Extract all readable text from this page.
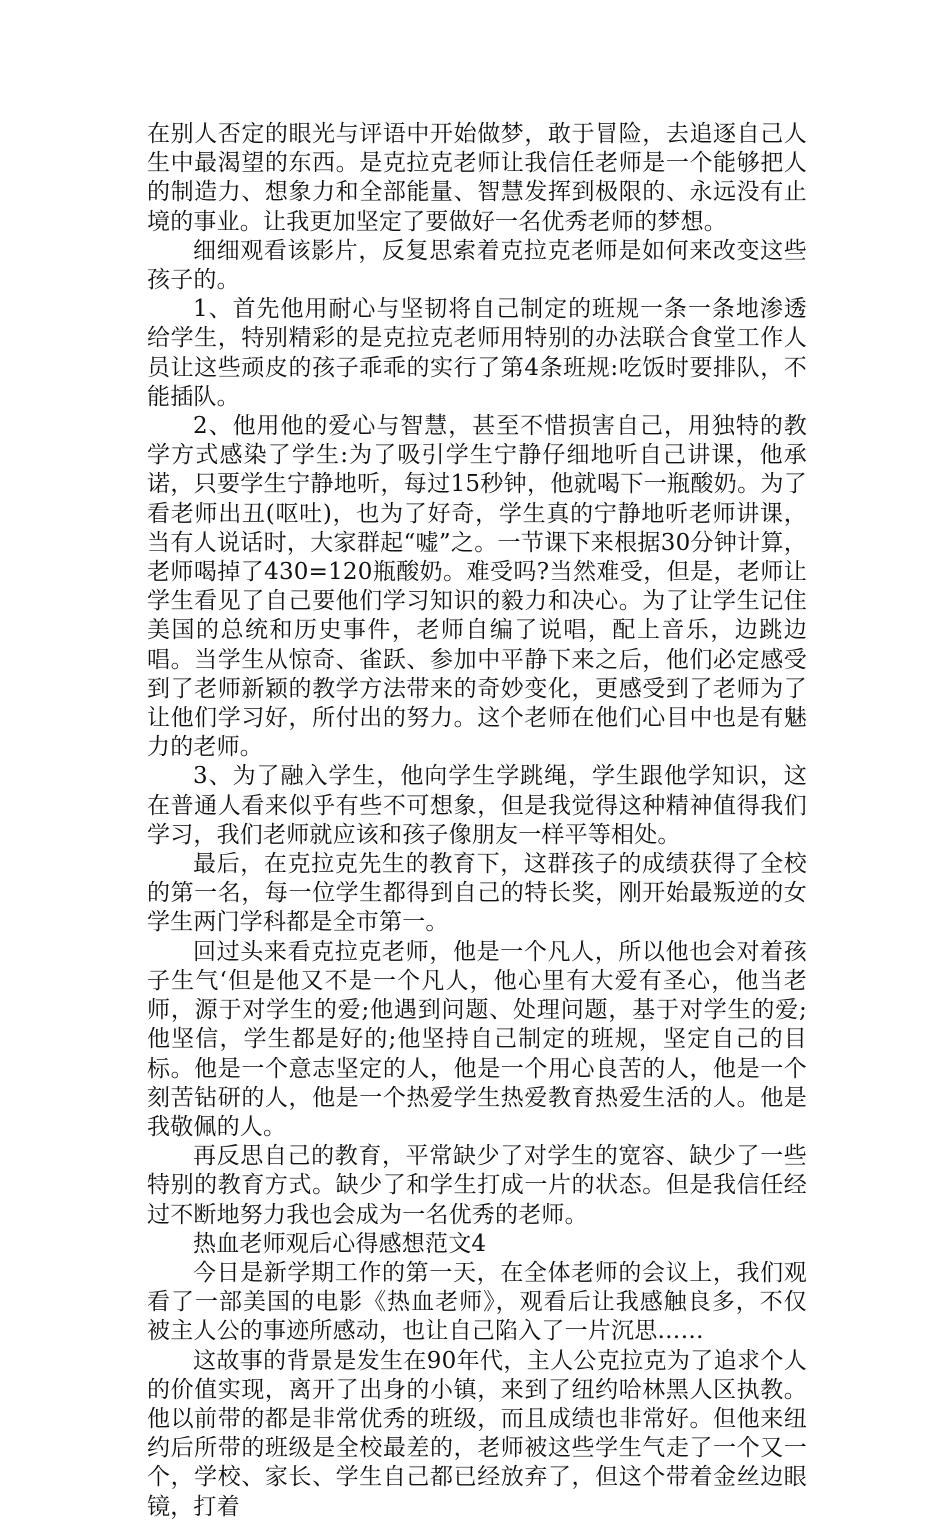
在别人否定的眼光与评语中开始做梦，敢于冒险，去追逐自己人生中最渴望的东西。是克拉克老师让我信任老师是一个能够把人的制造力、想象力和全部能量、智慧发挥到极限的、永远没有止境的事业。让我更加坚定了要做好一名优秀老师的梦想。

细细观看该影片，反复思索着克拉克老师是如何来改变这些孩子的。

1、首先他用耐心与坚韧将自己制定的班规一条一条地渗透给学生，特别精彩的是克拉克老师用特别的办法联合食堂工作人员让这些顽皮的孩子乖乖的实行了第4条班规:吃饭时要排队，不能插队。

2、他用他的爱心与智慧，甚至不惜损害自己，用独特的教学方式感染了学生:为了吸引学生宁静仔细地听自己讲课，他承诺，只要学生宁静地听，每过15秒钟，他就喝下一瓶酸奶。为了看老师出丑(呕吐)，也为了好奇，学生真的宁静地听老师讲课，当有人说话时，大家群起“嘘”之。一节课下来根据30分钟计算，老师喝掉了430=120瓶酸奶。难受吗?当然难受，但是，老师让学生看见了自己要他们学习知识的毅力和决心。为了让学生记住美国的总统和历史事件，老师自编了说唱，配上音乐，边跳边唱。当学生从惊奇、雀跃、参加中平静下来之后，他们必定感受到了老师新颖的教学方法带来的奇妙变化，更感受到了老师为了让他们学习好，所付出的努力。这个老师在他们心目中也是有魅力的老师。

3、为了融入学生，他向学生学跳绳，学生跟他学知识，这在普通人看来似乎有些不可想象，但是我觉得这种精神值得我们学习，我们老师就应该和孩子像朋友一样平等相处。

最后，在克拉克先生的教育下，这群孩子的成绩获得了全校的第一名，每一位学生都得到自己的特长奖，刚开始最叛逆的女学生两门学科都是全市第一。

回过头来看克拉克老师，他是一个凡人，所以他也会对着孩子生气‘但是他又不是一个凡人，他心里有大爱有圣心，他当老师，源于对学生的爱;他遇到问题、处理问题，基于对学生的爱;他坚信，学生都是好的;他坚持自己制定的班规，坚定自己的目标。他是一个意志坚定的人，他是一个用心良苦的人，他是一个刻苦钻研的人，他是一个热爱学生热爱教育热爱生活的人。他是我敬佩的人。

再反思自己的教育，平常缺少了对学生的宽容、缺少了一些特别的教育方式。缺少了和学生打成一片的状态。但是我信任经过不断地努力我也会成为一名优秀的老师。

热血老师观后心得感想范文4

今日是新学期工作的第一天，在全体老师的会议上，我们观看了一部美国的电影《热血老师》，观看后让我感触良多，不仅被主人公的事迹所感动，也让自己陷入了一片沉思……

这故事的背景是发生在90年代，主人公克拉克为了追求个人的价值实现，离开了出身的小镇，来到了纽约哈林黑人区执教。他以前带的都是非常优秀的班级，而且成绩也非常好。但他来纽约后所带的班级是全校最差的，老师被这些学生气走了一个又一个，学校、家长、学生自己都已经放弃了，但这个带着金丝边眼镜，打着
